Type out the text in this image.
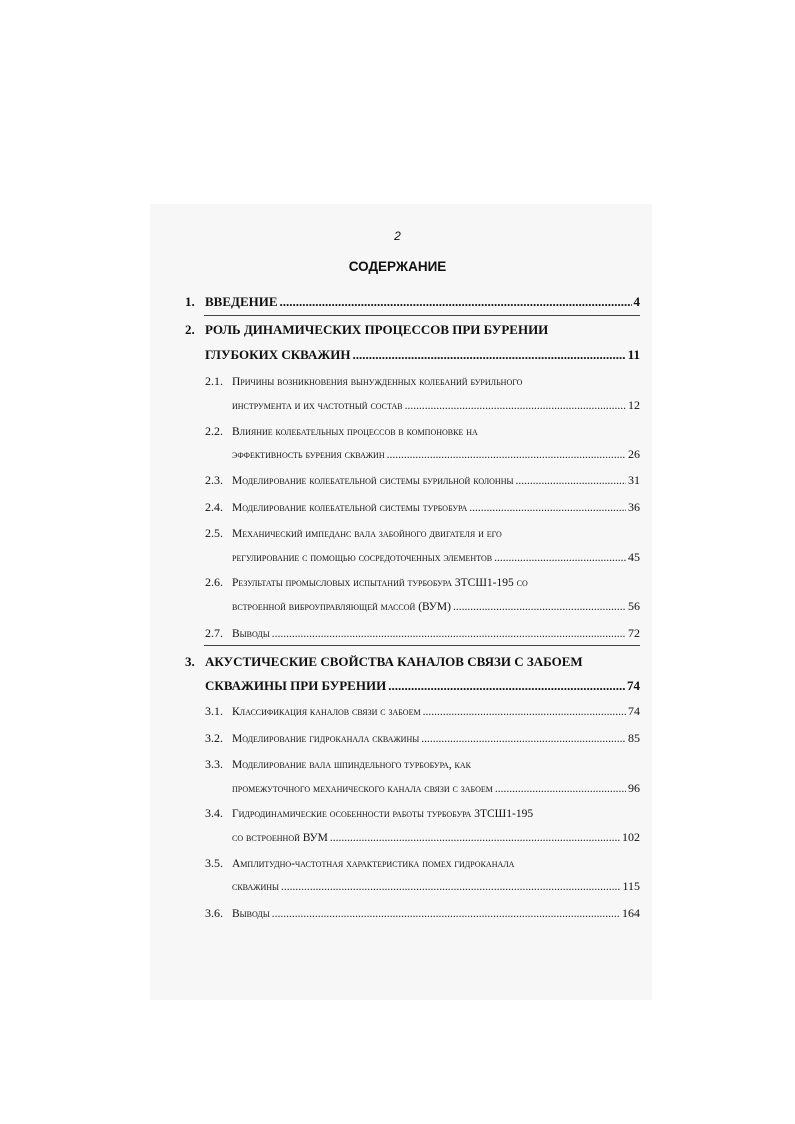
2
СОДЕРЖАНИЕ
1. ВВЕДЕНИЕ .....	4
2. РОЛЬ ДИНАМИЧЕСКИХ ПРОЦЕССОВ ПРИ БУРЕНИИ
ГЛУБОКИХ СКВАЖИН .....	11
2.1. Причины возникновения вынужденных колебаний бурильного
инструмента и их частотный состав .....	12
2.2. Влияние колебательных процессов в компоновке на
эффективность бурения скважин .....	26
2.3. Моделирование колебательной системы бурильной колонны .....	31
2.4. Моделирование колебательной системы турбобура .....	36
2.5. Механический импеданс вала забойного двигателя и его
регулирование с помощью сосредоточенных элементов .....	45
2.6. Результаты промысловых испытаний турбобура 3ТСШ1-195 со
встроенной виброуправляющей массой (ВУМ) .....	56
2.7. Выводы .....	72
3. АКУСТИЧЕСКИЕ СВОЙСТВА КАНАЛОВ СВЯЗИ С ЗАБОЕМ
СКВАЖИНЫ ПРИ БУРЕНИИ .....	74
3.1. Классификация каналов связи с забоем .....	74
3.2. Моделирование гидроканала скважины .....	85
3.3. Моделирование вала шпиндельного турбобура, как
промежуточного механического канала связи с забоем .....	96
3.4. Гидродинамические особенности работы турбобура 3ТСШ1-195
со встроенной ВУМ .....	102
3.5. Амплитудно-частотная характеристика помех гидроканала
скважины .....	115
3.6. Выводы .....	164
